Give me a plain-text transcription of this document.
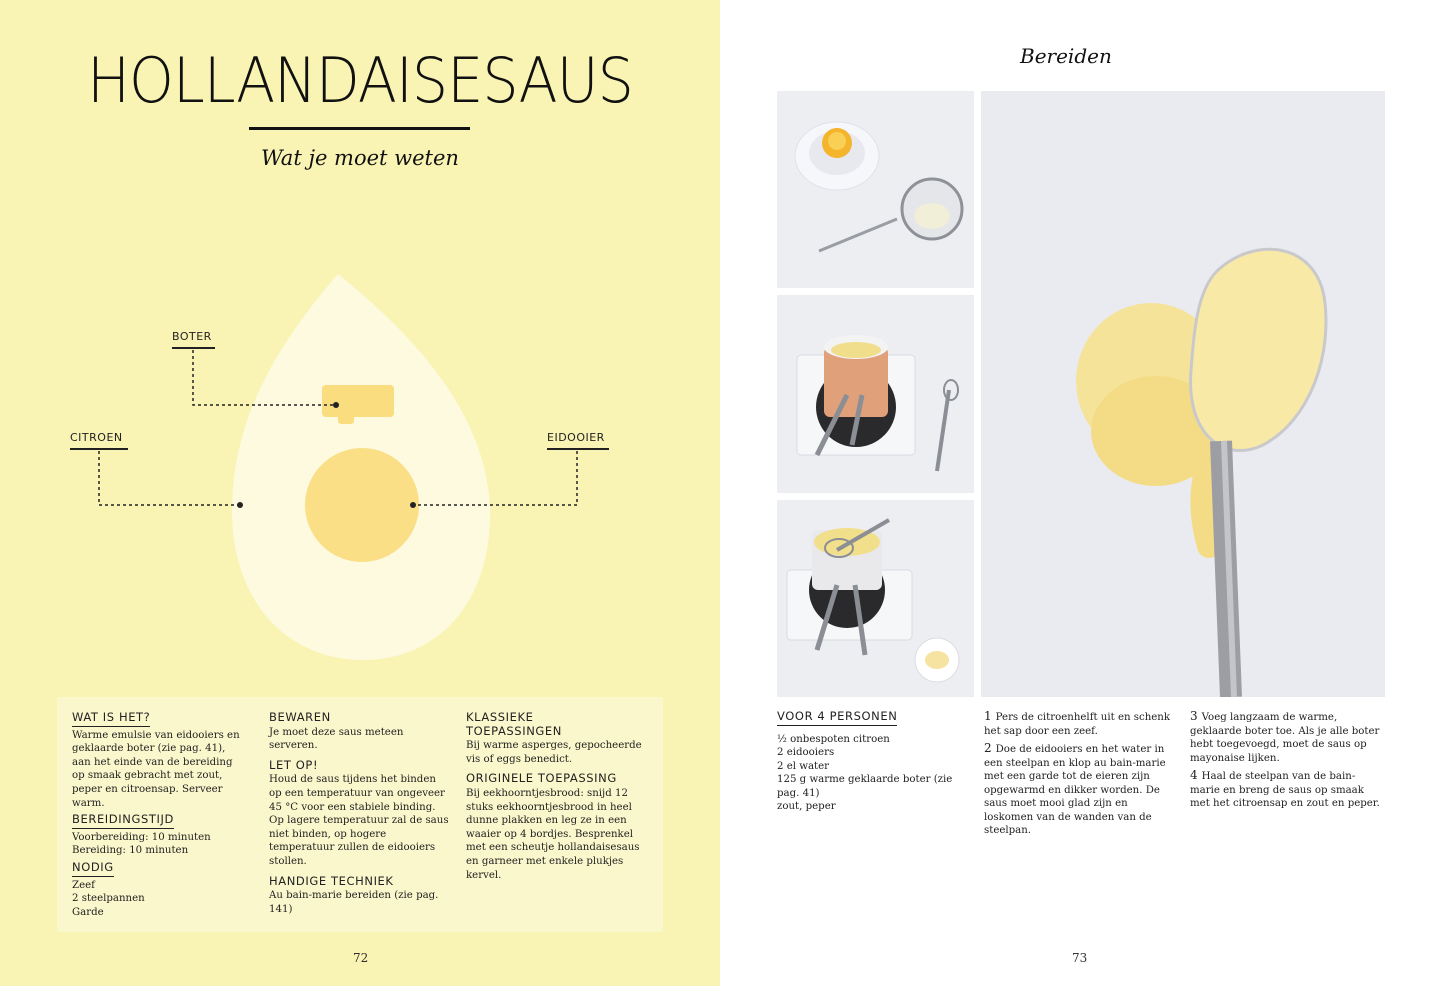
HOLLANDAISESAUS
Wat je moet weten
BOTER
CITROEN	EIDOOIER
WAT IS HET?
Warme emulsie van eidooiers en geklaarde boter (zie pag. 41), aan het einde van de bereiding op smaak gebracht met zout, peper en citroensap. Serveer warm.
BEREIDINGSTIJD
Voorbereiding: 10 minuten
Bereiding: 10 minuten
NODIG
Zeef
2 steelpannen
Garde
BEWAREN
Je moet deze saus meteen serveren.
LET OP!
Houd de saus tijdens het binden op een temperatuur van ongeveer 45 °C voor een stabiele binding. Op lagere temperatuur zal de saus niet binden, op hogere temperatuur zullen de eidooiers stollen.
HANDIGE TECHNIEK
Au bain-marie bereiden (zie pag. 141)
KLASSIEKE TOEPASSINGEN
Bij warme asperges, gepocheerde vis of eggs benedict.
ORIGINELE TOEPASSING
Bij eekhoorntjesbrood: snijd 12 stuks eekhoorntjesbrood in heel dunne plakken en leg ze in een waaier op 4 bordjes. Besprenkel met een scheutje hollandaisesaus en garneer met enkele plukjes kervel.
72
Bereiden
VOOR 4 PERSONEN
½ onbespoten citroen
2 eidooiers
2 el water
125 g warme geklaarde boter (zie pag. 41)
zout, peper
1 Pers de citroenhelft uit en schenk het sap door een zeef.
2 Doe de eidooiers en het water in een steelpan en klop au bain-marie met een garde tot de eieren zijn opgewarmd en dikker worden. De saus moet mooi glad zijn en loskomen van de wanden van de steelpan.
3 Voeg langzaam de warme, geklaarde boter toe. Als je alle boter hebt toegevoegd, moet de saus op mayonaise lijken.
4 Haal de steelpan van de bain-marie en breng de saus op smaak met het citroensap en zout en peper.
73
